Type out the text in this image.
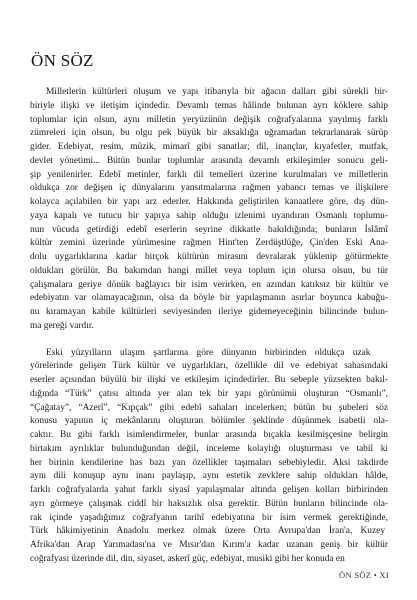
ÖN SÖZ
Milletlerin kültürleri oluşum ve yapı itibarıyla bir ağacın dalları gibi sürekli bir-
biriyle ilişki ve iletişim içindedir. Devamlı temas hâlinde bulunan ayrı köklere sahip
toplumlar için olsun, aynı milletin yeryüzünün değişik coğrafyalarına yayılmış farklı
zümreleri için olsun, bu olgu pek büyük bir aksaklığa uğramadan tekrarlanarak sürüp
gider. Edebiyat, resim, müzik, mimarî gibi sanatlar; dil, inançlar, kıyafetler, mutfak,
devlet yönetimi... Bütün bunlar toplumlar arasında devamlı etkileşimler sonucu geli-
şip yenilenirler. Edebî metinler, farklı dil temelleri üzerine kurulmaları ve milletlerin
oldukça zor değişen iç dünyalarını yansıtmalarına rağmen yabancı temas ve ilişkilere
kolayca açılabilen bir yapı arz ederler. Hakkında geliştirilen kanaatlere göre, dış dün-
yaya kapalı ve tutucu bir yapıya sahip olduğu izlenimi uyandıran Osmanlı toplumu-
nun vücuda getirdiği edebî eserlerin seyrine dikkatle bakıldığında; bunların İslâmî
kültür zemini üzerinde yürümesine rağmen Hint'ten Zerdüştlüğe, Çin'den Eski Ana-
dolu uygarlıklarına kadar birçok kültürün mirasını devralarak yüklenip götürmekte
oldukları görülür. Bu bakımdan hangi millet veya toplum için olursa olsun, bu tür
çalışmalara geriye dönük bağlayıcı bir isim verirken, en azından katıksız bir kültür ve
edebiyatın var olamayacağının, olsa da böyle bir yapılaşmanın asırlar boyunca kabuğu-
nu kıramayan kabile kültürleri seviyesinden ileriye gidemeyeceğinin bilincinde bulun-
ma gereği vardır.
Eski yüzyılların ulaşım şartlarına göre dünyanın birbirinden oldukça uzak
yörelerinde gelişen Türk kültür ve uygarlıkları, özellikle dil ve edebiyat sahasındaki
eserler açısından büyülü bir ilişki ve etkileşim içindedirler. Bu sebeple yüzsekten bakıl-
dığında “Türk” çatısı altında yer alan tek bir yapı görünümü oluşturan “Osmanlı”,
“Çağatay”, “Azerî”, “Kıpçak” gibi edebî sahaları incelerken; bütün bu şubeleri söz
konusu yapının iç mekânlarını oluşturan bölümler şeklinde düşünmek isabetli ola-
caktır. Bu gibi farklı isimlendirmeler, bunlar arasında bıçakla kesilmişçesine belirgin
birtakım ayrılıklar bulunduğundan değil, inceleme kolaylığı oluşturması ve tabiî ki
her birinin kendilerine has bazı yan özellikler taşımaları sebebiyledir. Aksi takdirde
aynı dili konuşup aynı inanı paylaşıp, aynı estetik zevklere sahip oldukları hâlde,
farklı coğrafyalarda yahut farklı siyasî yapılaşmalar altında gelişen kolları birbirinden
ayrı görmeye çalışmak ciddî bir haksızlık olsa gerektir. Bütün bunların bilincinde ola-
rak içinde yaşadığımız coğrafyanın tarihî edebiyatına bir isim vermek gerektiğinde,
Türk hâkimiyetinin Anadolu merkez olmak üzere Orta Avrupa'dan İran'a, Kuzey
Afrika'dan Arap Yarımadası'na ve Mısır'dan Kırım'a kadar uzanan geniş bir kültür
coğrafyası üzerinde dil, din, siyaset, askerî güç, edebiyat, musiki gibi her konuda en
ÖN SÖZ • XI
